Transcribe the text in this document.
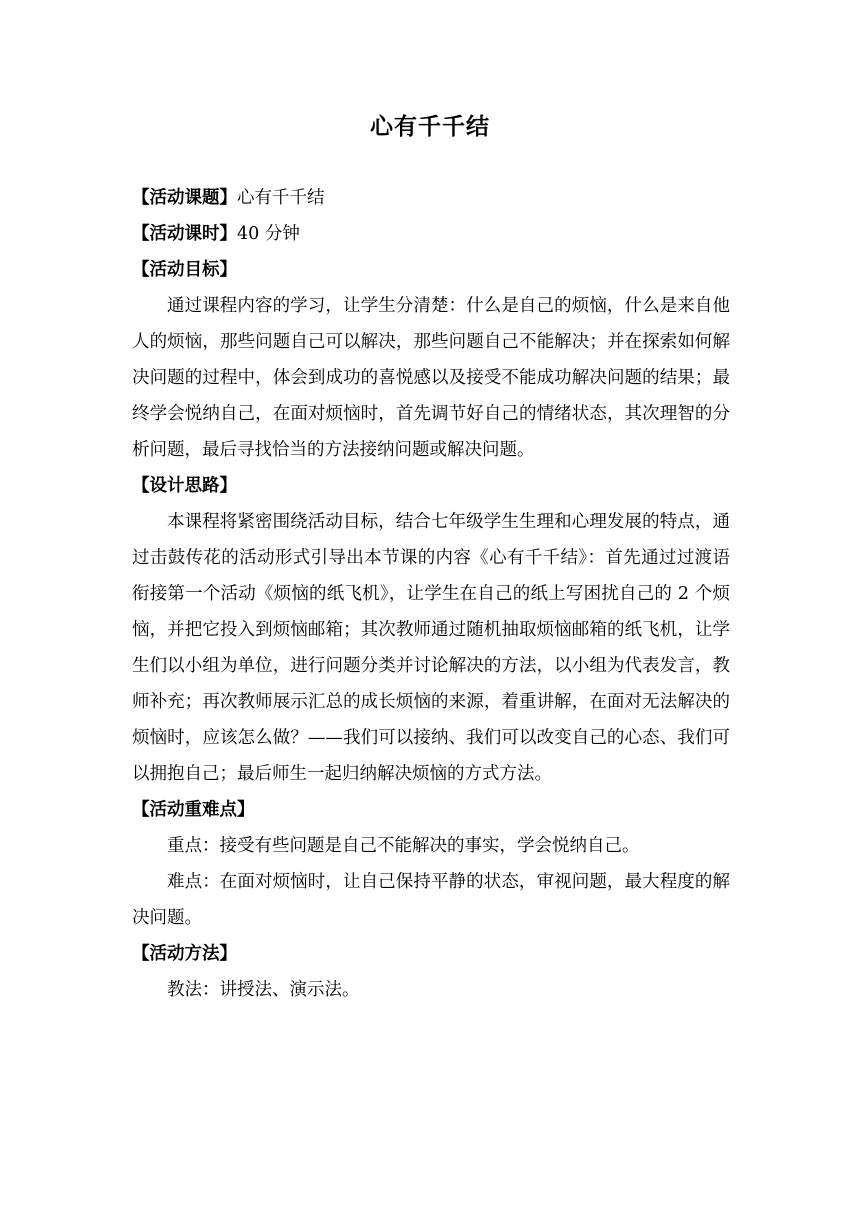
心有千千结

【活动课题】心有千千结

【活动课时】40 分钟

【活动目标】

通过课程内容的学习，让学生分清楚：什么是自己的烦恼，什么是来自他人的烦恼，那些问题自己可以解决，那些问题自己不能解决；并在探索如何解决问题的过程中，体会到成功的喜悦感以及接受不能成功解决问题的结果；最终学会悦纳自己，在面对烦恼时，首先调节好自己的情绪状态，其次理智的分析问题，最后寻找恰当的方法接纳问题或解决问题。

【设计思路】

本课程将紧密围绕活动目标，结合七年级学生生理和心理发展的特点，通过击鼓传花的活动形式引导出本节课的内容《心有千千结》：首先通过过渡语衔接第一个活动《烦恼的纸飞机》，让学生在自己的纸上写困扰自己的 2 个烦恼，并把它投入到烦恼邮箱；其次教师通过随机抽取烦恼邮箱的纸飞机，让学生们以小组为单位，进行问题分类并讨论解决的方法，以小组为代表发言，教师补充；再次教师展示汇总的成长烦恼的来源，着重讲解，在面对无法解决的烦恼时，应该怎么做？——我们可以接纳、我们可以改变自己的心态、我们可以拥抱自己；最后师生一起归纳解决烦恼的方式方法。

【活动重难点】

重点：接受有些问题是自己不能解决的事实，学会悦纳自己。

难点：在面对烦恼时，让自己保持平静的状态，审视问题，最大程度的解决问题。

【活动方法】

教法：讲授法、演示法。
